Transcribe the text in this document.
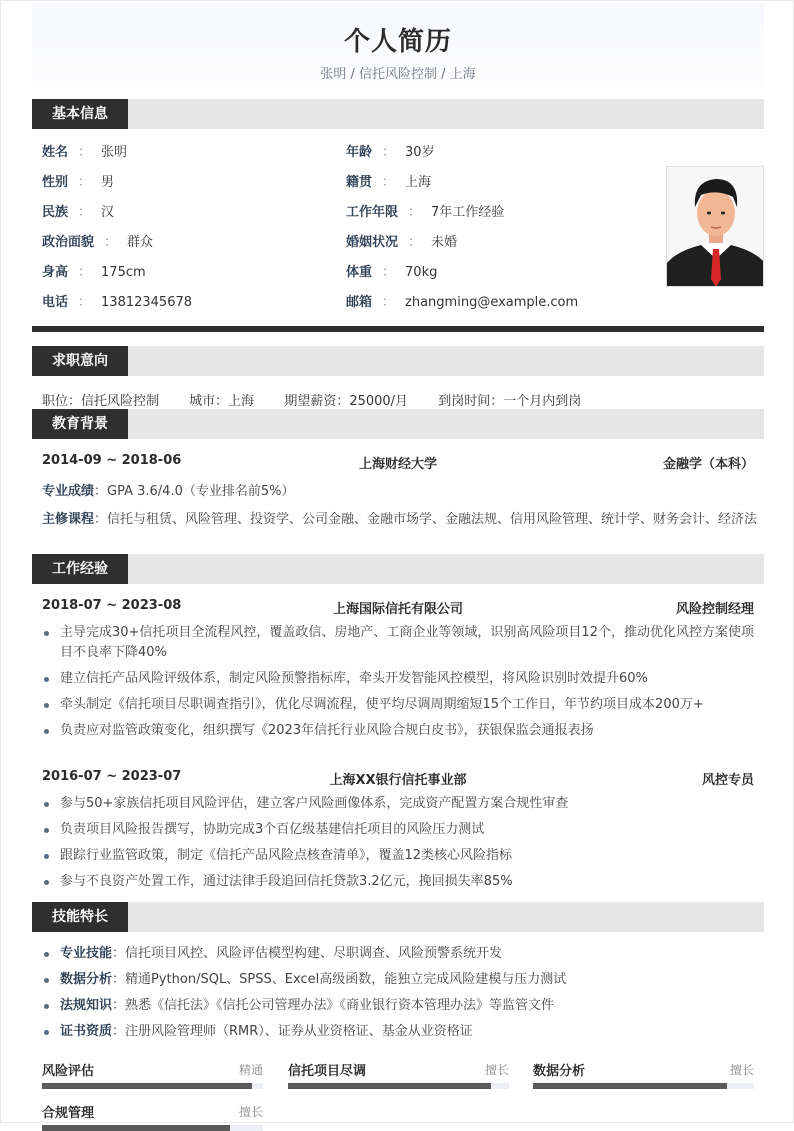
个人简历
张明 / 信托风险控制 / 上海
基本信息
姓名 ： 张明
性别 ： 男
民族 ： 汉
政治面貌 ： 群众
身高 ： 175cm
电话 ： 13812345678
年龄 ： 30岁
籍贯 ： 上海
工作年限 ： 7年工作经验
婚姻状况 ： 未婚
体重 ： 70kg
邮箱 ： zhangming@example.com
求职意向
职位：信托风险控制 城市：上海 期望薪资：25000/月 到岗时间：一个月内到岗
教育背景
2014-09 ~ 2018-06	上海财经大学	金融学（本科）
专业成绩：GPA 3.6/4.0（专业排名前5%）
主修课程：信托与租赁、风险管理、投资学、公司金融、金融市场学、金融法规、信用风险管理、统计学、财务会计、经济法
工作经验
2018-07 ~ 2023-08	上海国际信托有限公司	风险控制经理
主导完成30+信托项目全流程风控，覆盖政信、房地产、工商企业等领域，识别高风险项目12个，推动优化风控方案使项目不良率下降40%
建立信托产品风险评级体系，制定风险预警指标库，牵头开发智能风控模型，将风险识别时效提升60%
牵头制定《信托项目尽职调查指引》，优化尽调流程，使平均尽调周期缩短15个工作日，年节约项目成本200万+
负责应对监管政策变化，组织撰写《2023年信托行业风险合规白皮书》，获银保监会通报表扬
2016-07 ~ 2023-07	上海XX银行信托事业部	风控专员
参与50+家族信托项目风险评估，建立客户风险画像体系，完成资产配置方案合规性审查
负责项目风险报告撰写，协助完成3个百亿级基建信托项目的风险压力测试
跟踪行业监管政策，制定《信托产品风险点核查清单》，覆盖12类核心风险指标
参与不良资产处置工作，通过法律手段追回信托贷款3.2亿元，挽回损失率85%
技能特长
专业技能：信托项目风控、风险评估模型构建、尽职调查、风险预警系统开发
数据分析：精通Python/SQL、SPSS、Excel高级函数，能独立完成风险建模与压力测试
法规知识：熟悉《信托法》《信托公司管理办法》《商业银行资本管理办法》等监管文件
证书资质：注册风险管理师（RMR）、证券从业资格证、基金从业资格证
风险评估	精通 信托项目尽调	擅长 数据分析	擅长
合规管理	擅长
